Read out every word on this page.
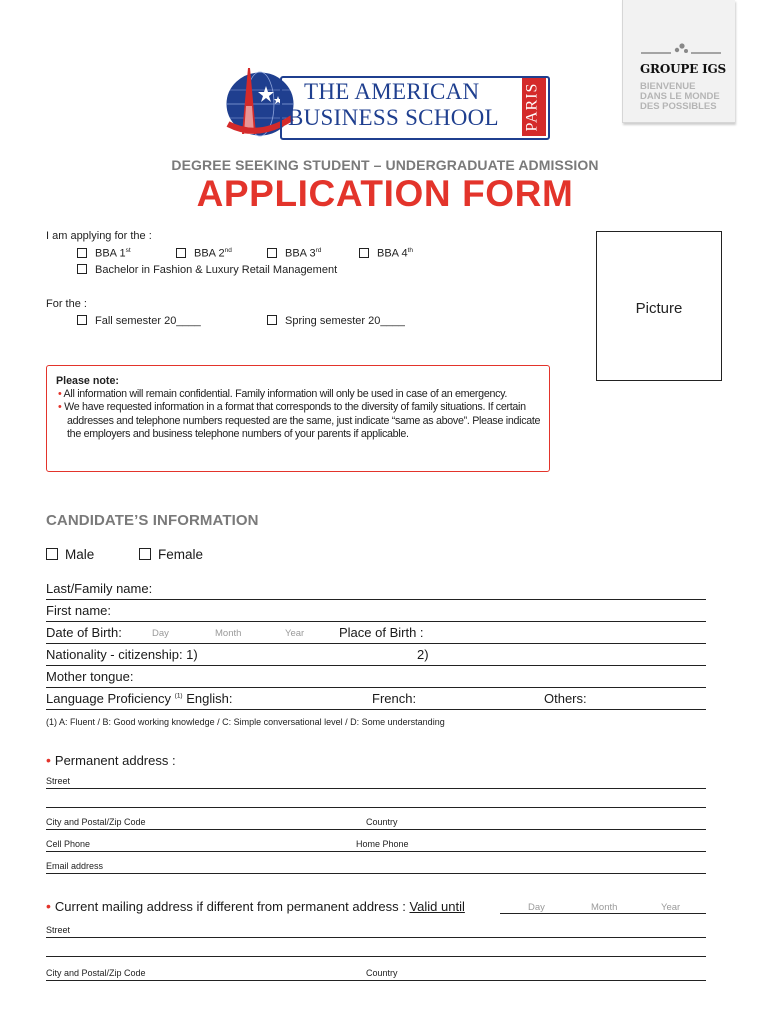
GROUPE IGS
BIENVENUE
DANS LE MONDE
DES POSSIBLES
THE AMERICAN
BUSINESS SCHOOL PARIS
DEGREE SEEKING STUDENT – UNDERGRADUATE ADMISSION
APPLICATION FORM
I am applying for the :
BBA 1st	BBA 2nd	BBA 3rd	BBA 4th
Bachelor in Fashion & Luxury Retail Management
For the :
Fall semester 20____	Spring semester 20____
Picture
Please note:
• All information will remain confidential. Family information will only be used in case of an emergency.
• We have requested information in a format that corresponds to the diversity of family situations. If certain addresses and telephone numbers requested are the same, just indicate “same as above”. Please indicate the employers and business telephone numbers of your parents if applicable.
CANDIDATE’S INFORMATION
Male	Female
Last/Family name:
First name:
Date of Birth:	Day	Month	Year	Place of Birth :
Nationality - citizenship: 1)	2)
Mother tongue:
Language Proficiency $^{(1)}$ English:	French:	Others:
(1) A: Fluent / B: Good working knowledge / C: Simple conversational level / D: Some understanding
• Permanent address :
Street
City and Postal/Zip Code	Country
Cell Phone	Home Phone
Email address
• Current mailing address if different from permanent address : Valid until	Day	Month	Year
Street
City and Postal/Zip Code	Country
